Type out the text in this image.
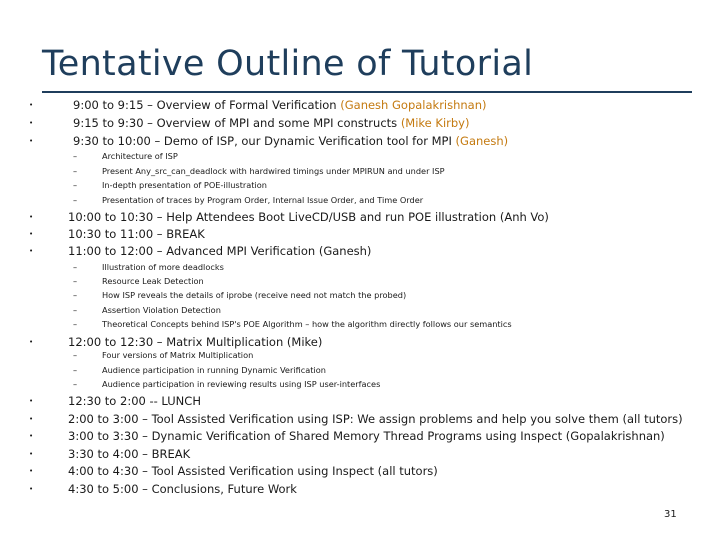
Tentative Outline of Tutorial
•	9:00 to 9:15 – Overview of Formal Verification (Ganesh Gopalakrishnan)
•	9:15 to 9:30 – Overview of MPI and some MPI constructs (Mike Kirby)
•	9:30 to 10:00 – Demo of ISP, our Dynamic Verification tool for MPI (Ganesh)
–	Architecture of ISP
–	Present Any_src_can_deadlock with hardwired timings under MPIRUN and under ISP
–	In-depth presentation of POE-illustration
–	Presentation of traces by Program Order, Internal Issue Order, and Time Order
•	10:00 to 10:30 – Help Attendees Boot LiveCD/USB and run POE illustration (Anh Vo)
•	10:30 to 11:00 – BREAK
•	11:00 to 12:00 – Advanced MPI Verification (Ganesh)
–	Illustration of more deadlocks
–	Resource Leak Detection
–	How ISP reveals the details of iprobe (receive need not match the probed)
–	Assertion Violation Detection
–	Theoretical Concepts behind ISP's POE Algorithm – how the algorithm directly follows our semantics
•	12:00 to 12:30 – Matrix Multiplication (Mike)
–	Four versions of Matrix Multiplication
–	Audience participation in running Dynamic Verification
–	Audience participation in reviewing results using ISP user-interfaces
•	12:30 to 2:00 -- LUNCH
•	2:00 to 3:00 – Tool Assisted Verification using ISP: We assign problems and help you solve them (all tutors)
•	3:00 to 3:30 – Dynamic Verification of Shared Memory Thread Programs using Inspect (Gopalakrishnan)
•	3:30 to 4:00 – BREAK
•	4:00 to 4:30 – Tool Assisted Verification using Inspect (all tutors)
•	4:30 to 5:00 – Conclusions, Future Work
31
